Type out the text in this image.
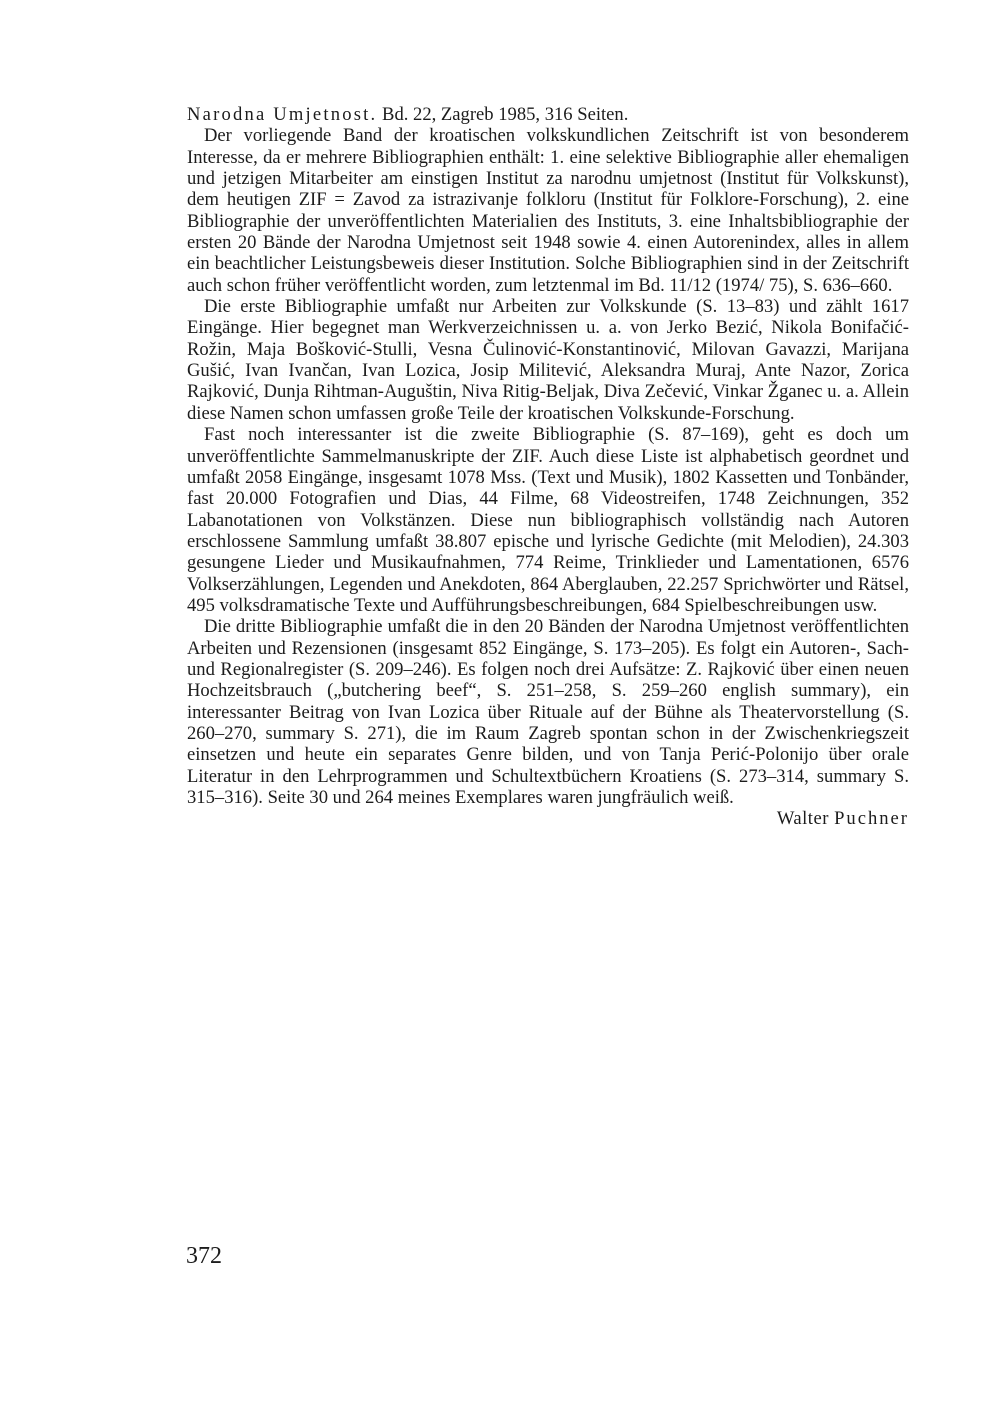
Narodna Umjetnost. Bd. 22, Zagreb 1985, 316 Seiten.

Der vorliegende Band der kroatischen volkskundlichen Zeitschrift ist von besonderem Interesse, da er mehrere Bibliographien enthält: 1. eine selektive Bibliographie aller ehemaligen und jetzigen Mitarbeiter am einstigen Institut za narodnu umjetnost (Institut für Volkskunst), dem heutigen ZIF = Zavod za istrazivanje folkloru (Institut für Folklore-Forschung), 2. eine Bibliographie der unveröffentlichten Materialien des Instituts, 3. eine Inhaltsbibliographie der ersten 20 Bände der Narodna Umjetnost seit 1948 sowie 4. einen Autorenindex, alles in allem ein beachtlicher Leistungsbeweis dieser Institution. Solche Bibliographien sind in der Zeitschrift auch schon früher veröffentlicht worden, zum letztenmal im Bd. 11/12 (1974/ 75), S. 636–660.

Die erste Bibliographie umfaßt nur Arbeiten zur Volkskunde (S. 13–83) und zählt 1617 Eingänge. Hier begegnet man Werkverzeichnissen u. a. von Jerko Bezić, Nikola Bonifačić-Rožin, Maja Bošković-Stulli, Vesna Čulinović-Konstantinović, Milovan Gavazzi, Marijana Gušić, Ivan Ivančan, Ivan Lozica, Josip Militević, Aleksandra Muraj, Ante Nazor, Zorica Rajković, Dunja Rihtman-Auguštin, Niva Ritig-Beljak, Diva Zečević, Vinkar Žganec u. a. Allein diese Namen schon umfassen große Teile der kroatischen Volkskunde-Forschung.

Fast noch interessanter ist die zweite Bibliographie (S. 87–169), geht es doch um unveröffentlichte Sammelmanuskripte der ZIF. Auch diese Liste ist alphabetisch geordnet und umfaßt 2058 Eingänge, insgesamt 1078 Mss. (Text und Musik), 1802 Kassetten und Tonbänder, fast 20.000 Fotografien und Dias, 44 Filme, 68 Videostreifen, 1748 Zeichnungen, 352 Labanotationen von Volkstänzen. Diese nun bibliographisch vollständig nach Autoren erschlossene Sammlung umfaßt 38.807 epische und lyrische Gedichte (mit Melodien), 24.303 gesungene Lieder und Musikaufnahmen, 774 Reime, Trinklieder und Lamentationen, 6576 Volkserzählungen, Legenden und Anekdoten, 864 Aberglauben, 22.257 Sprichwörter und Rätsel, 495 volksdramatische Texte und Aufführungsbeschreibungen, 684 Spielbeschreibungen usw.

Die dritte Bibliographie umfaßt die in den 20 Bänden der Narodna Umjetnost veröffentlichten Arbeiten und Rezensionen (insgesamt 852 Eingänge, S. 173–205). Es folgt ein Autoren-, Sach- und Regionalregister (S. 209–246). Es folgen noch drei Aufsätze: Z. Rajković über einen neuen Hochzeitsbrauch („butchering beef“, S. 251–258, S. 259–260 english summary), ein interessanter Beitrag von Ivan Lozica über Rituale auf der Bühne als Theatervorstellung (S. 260–270, summary S. 271), die im Raum Zagreb spontan schon in der Zwischenkriegszeit einsetzen und heute ein separates Genre bilden, und von Tanja Perić-Polonijo über orale Literatur in den Lehrprogrammen und Schultextbüchern Kroatiens (S. 273–314, summary S. 315–316). Seite 30 und 264 meines Exemplares waren jungfräulich weiß.

Walter Puchner
372
